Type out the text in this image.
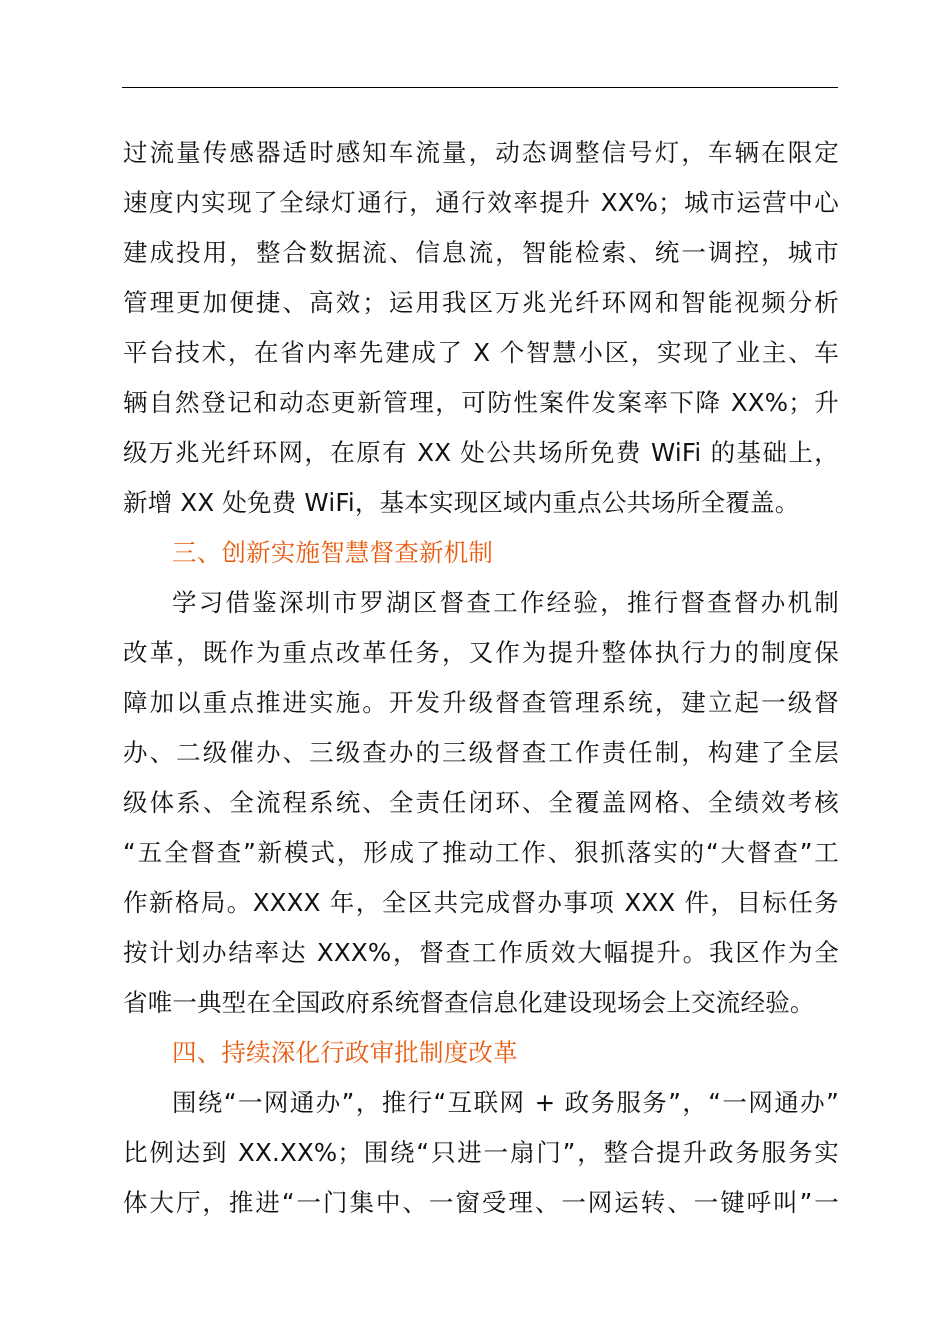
过流量传感器适时感知车流量，动态调整信号灯，车辆在限定
速度内实现了全绿灯通行，通行效率提升 XX%；城市运营中心
建成投用，整合数据流、信息流，智能检索、统一调控，城市
管理更加便捷、高效；运用我区万兆光纤环网和智能视频分析
平台技术，在省内率先建成了 X 个智慧小区，实现了业主、车
辆自然登记和动态更新管理，可防性案件发案率下降 XX%；升
级万兆光纤环网，在原有 XX 处公共场所免费 WiFi 的基础上，
新增 XX 处免费 WiFi，基本实现区域内重点公共场所全覆盖。
三、创新实施智慧督查新机制
学习借鉴深圳市罗湖区督查工作经验，推行督查督办机制
改革，既作为重点改革任务，又作为提升整体执行力的制度保
障加以重点推进实施。开发升级督查管理系统，建立起一级督
办、二级催办、三级查办的三级督查工作责任制，构建了全层
级体系、全流程系统、全责任闭环、全覆盖网格、全绩效考核
“五全督查”新模式，形成了推动工作、狠抓落实的“大督查”工
作新格局。XXXX 年，全区共完成督办事项 XXX 件，目标任务
按计划办结率达 XXX%，督查工作质效大幅提升。我区作为全
省唯一典型在全国政府系统督查信息化建设现场会上交流经验。
四、持续深化行政审批制度改革
围绕“一网通办”，推行“互联网 + 政务服务”，“一网通办”
比例达到 XX.XX%；围绕“只进一扇门”，整合提升政务服务实
体大厅，推进“一门集中、一窗受理、一网运转、一键呼叫”一
